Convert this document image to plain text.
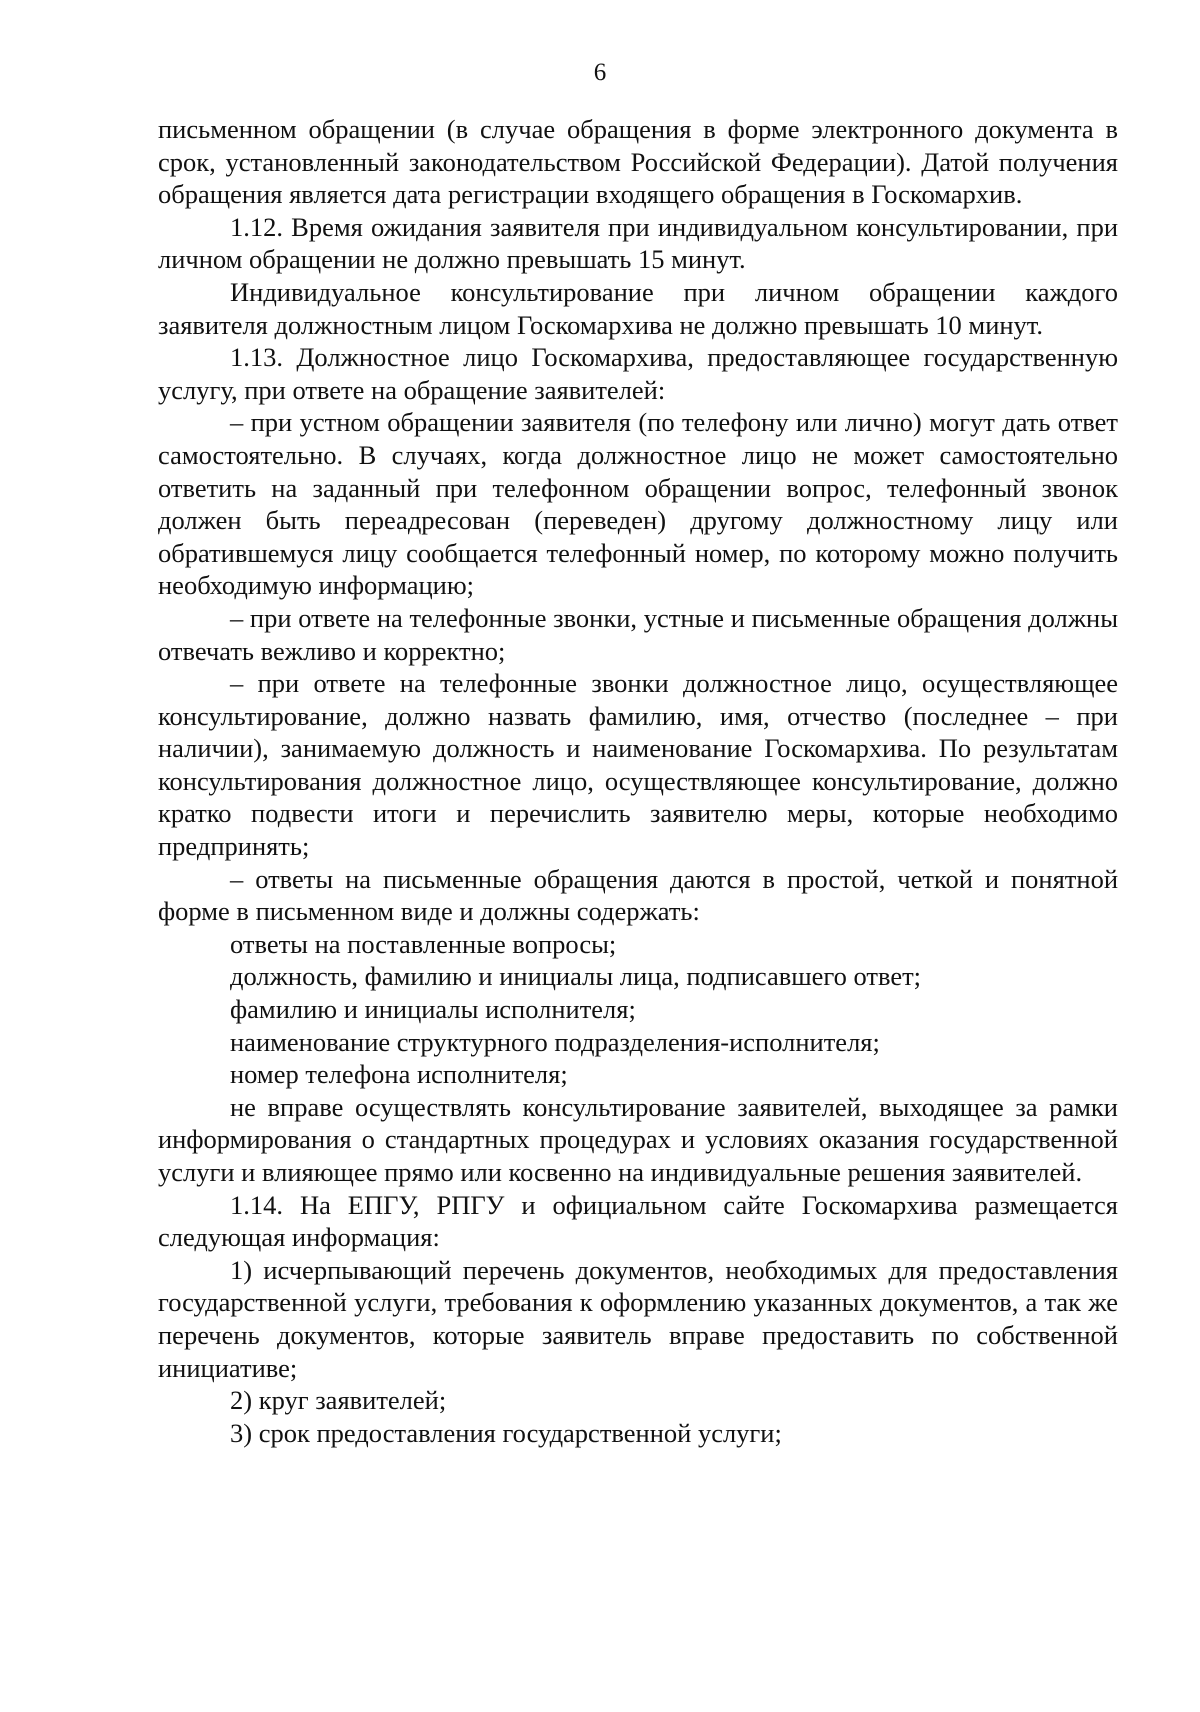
6

письменном обращении (в случае обращения в форме электронного документа в срок, установленный законодательством Российской Федерации). Датой получения обращения является дата регистрации входящего обращения в Госкомархив.

1.12. Время ожидания заявителя при индивидуальном консультировании, при личном обращении не должно превышать 15 минут.

Индивидуальное консультирование при личном обращении каждого заявителя должностным лицом Госкомархива не должно превышать 10 минут.

1.13. Должностное лицо Госкомархива, предоставляющее государственную услугу, при ответе на обращение заявителей:

– при устном обращении заявителя (по телефону или лично) могут дать ответ самостоятельно. В случаях, когда должностное лицо не может самостоятельно ответить на заданный при телефонном обращении вопрос, телефонный звонок должен быть переадресован (переведен) другому должностному лицу или обратившемуся лицу сообщается телефонный номер, по которому можно получить необходимую информацию;

– при ответе на телефонные звонки, устные и письменные обращения должны отвечать вежливо и корректно;

– при ответе на телефонные звонки должностное лицо, осуществляющее консультирование, должно назвать фамилию, имя, отчество (последнее – при наличии), занимаемую должность и наименование Госкомархива. По результатам консультирования должностное лицо, осуществляющее консультирование, должно кратко подвести итоги и перечислить заявителю меры, которые необходимо предпринять;

– ответы на письменные обращения даются в простой, четкой и понятной форме в письменном виде и должны содержать:

ответы на поставленные вопросы;

должность, фамилию и инициалы лица, подписавшего ответ;

фамилию и инициалы исполнителя;

наименование структурного подразделения-исполнителя;

номер телефона исполнителя;

не вправе осуществлять консультирование заявителей, выходящее за рамки информирования о стандартных процедурах и условиях оказания государственной услуги и влияющее прямо или косвенно на индивидуальные решения заявителей.

1.14. На ЕПГУ, РПГУ и официальном сайте Госкомархива размещается следующая информация:

1) исчерпывающий перечень документов, необходимых для предоставления государственной услуги, требования к оформлению указанных документов, а так же перечень документов, которые заявитель вправе предоставить по собственной инициативе;

2) круг заявителей;

3) срок предоставления государственной услуги;
